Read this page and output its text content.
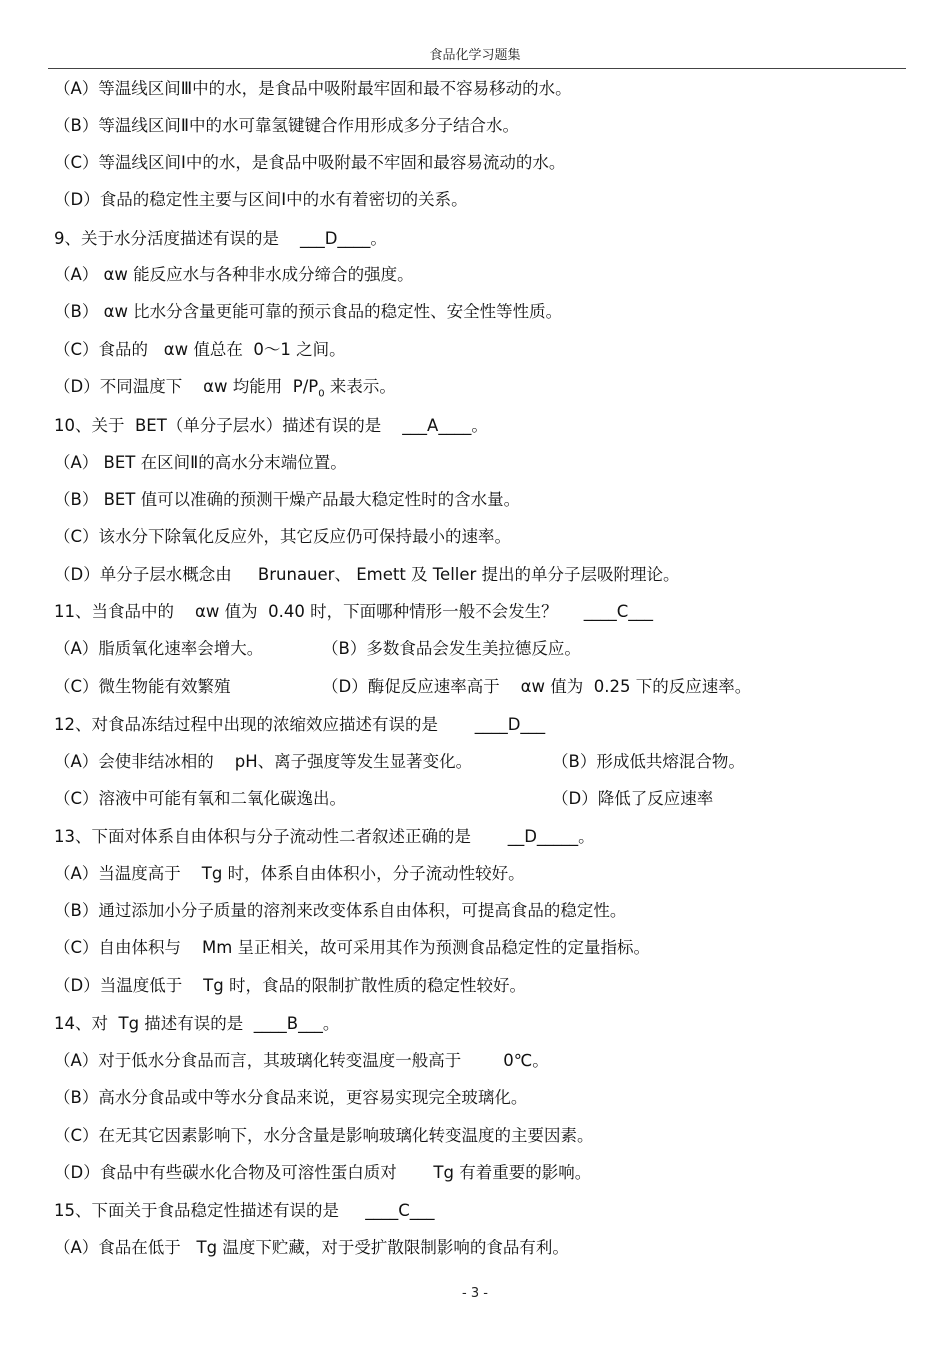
食品化学习题集
（A）等温线区间Ⅲ中的水，是食品中吸附最牢固和最不容易移动的水。
（B）等温线区间Ⅱ中的水可靠氢键键合作用形成多分子结合水。
（C）等温线区间Ⅰ中的水，是食品中吸附最不牢固和最容易流动的水。
（D）食品的稳定性主要与区间Ⅰ中的水有着密切的关系。
9、关于水分活度描述有误的是    ___D____。
（A） αw 能反应水与各种非水成分缔合的强度。
（B） αw 比水分含量更能可靠的预示食品的稳定性、安全性等性质。
（C）食品的   αw 值总在  0～1 之间。
（D）不同温度下    αw 均能用  $P/P_0$ 来表示。
10、关于  BET（单分子层水）描述有误的是    ___A____。
（A） BET 在区间Ⅱ的高水分末端位置。
（B） BET 值可以准确的预测干燥产品最大稳定性时的含水量。
（C）该水分下除氧化反应外，其它反应仍可保持最小的速率。
（D）单分子层水概念由     Brunauer、 Emett 及 Teller 提出的单分子层吸附理论。
11、当食品中的    αw 值为  0.40 时，下面哪种情形一般不会发生？     ____C___
（A）脂质氧化速率会增大。	（B）多数食品会发生美拉德反应。
（C）微生物能有效繁殖	（D）酶促反应速率高于    αw 值为  0.25 下的反应速率。
12、对食品冻结过程中出现的浓缩效应描述有误的是       ____D___
（A）会使非结冰相的    pH、离子强度等发生显著变化。	（B）形成低共熔混合物。
（C）溶液中可能有氧和二氧化碳逸出。	（D）降低了反应速率
13、下面对体系自由体积与分子流动性二者叙述正确的是       __D_____。
（A）当温度高于    Tg 时，体系自由体积小，分子流动性较好。
（B）通过添加小分子质量的溶剂来改变体系自由体积，可提高食品的稳定性。
（C）自由体积与    Mm 呈正相关，故可采用其作为预测食品稳定性的定量指标。
（D）当温度低于    Tg 时，食品的限制扩散性质的稳定性较好。
14、对  Tg 描述有误的是  ____B___。
（A）对于低水分食品而言，其玻璃化转变温度一般高于        0℃。
（B）高水分食品或中等水分食品来说，更容易实现完全玻璃化。
（C）在无其它因素影响下，水分含量是影响玻璃化转变温度的主要因素。
（D）食品中有些碳水化合物及可溶性蛋白质对       Tg 有着重要的影响。
15、下面关于食品稳定性描述有误的是     ____C___
（A）食品在低于   Tg 温度下贮藏，对于受扩散限制影响的食品有利。
- 3 -
